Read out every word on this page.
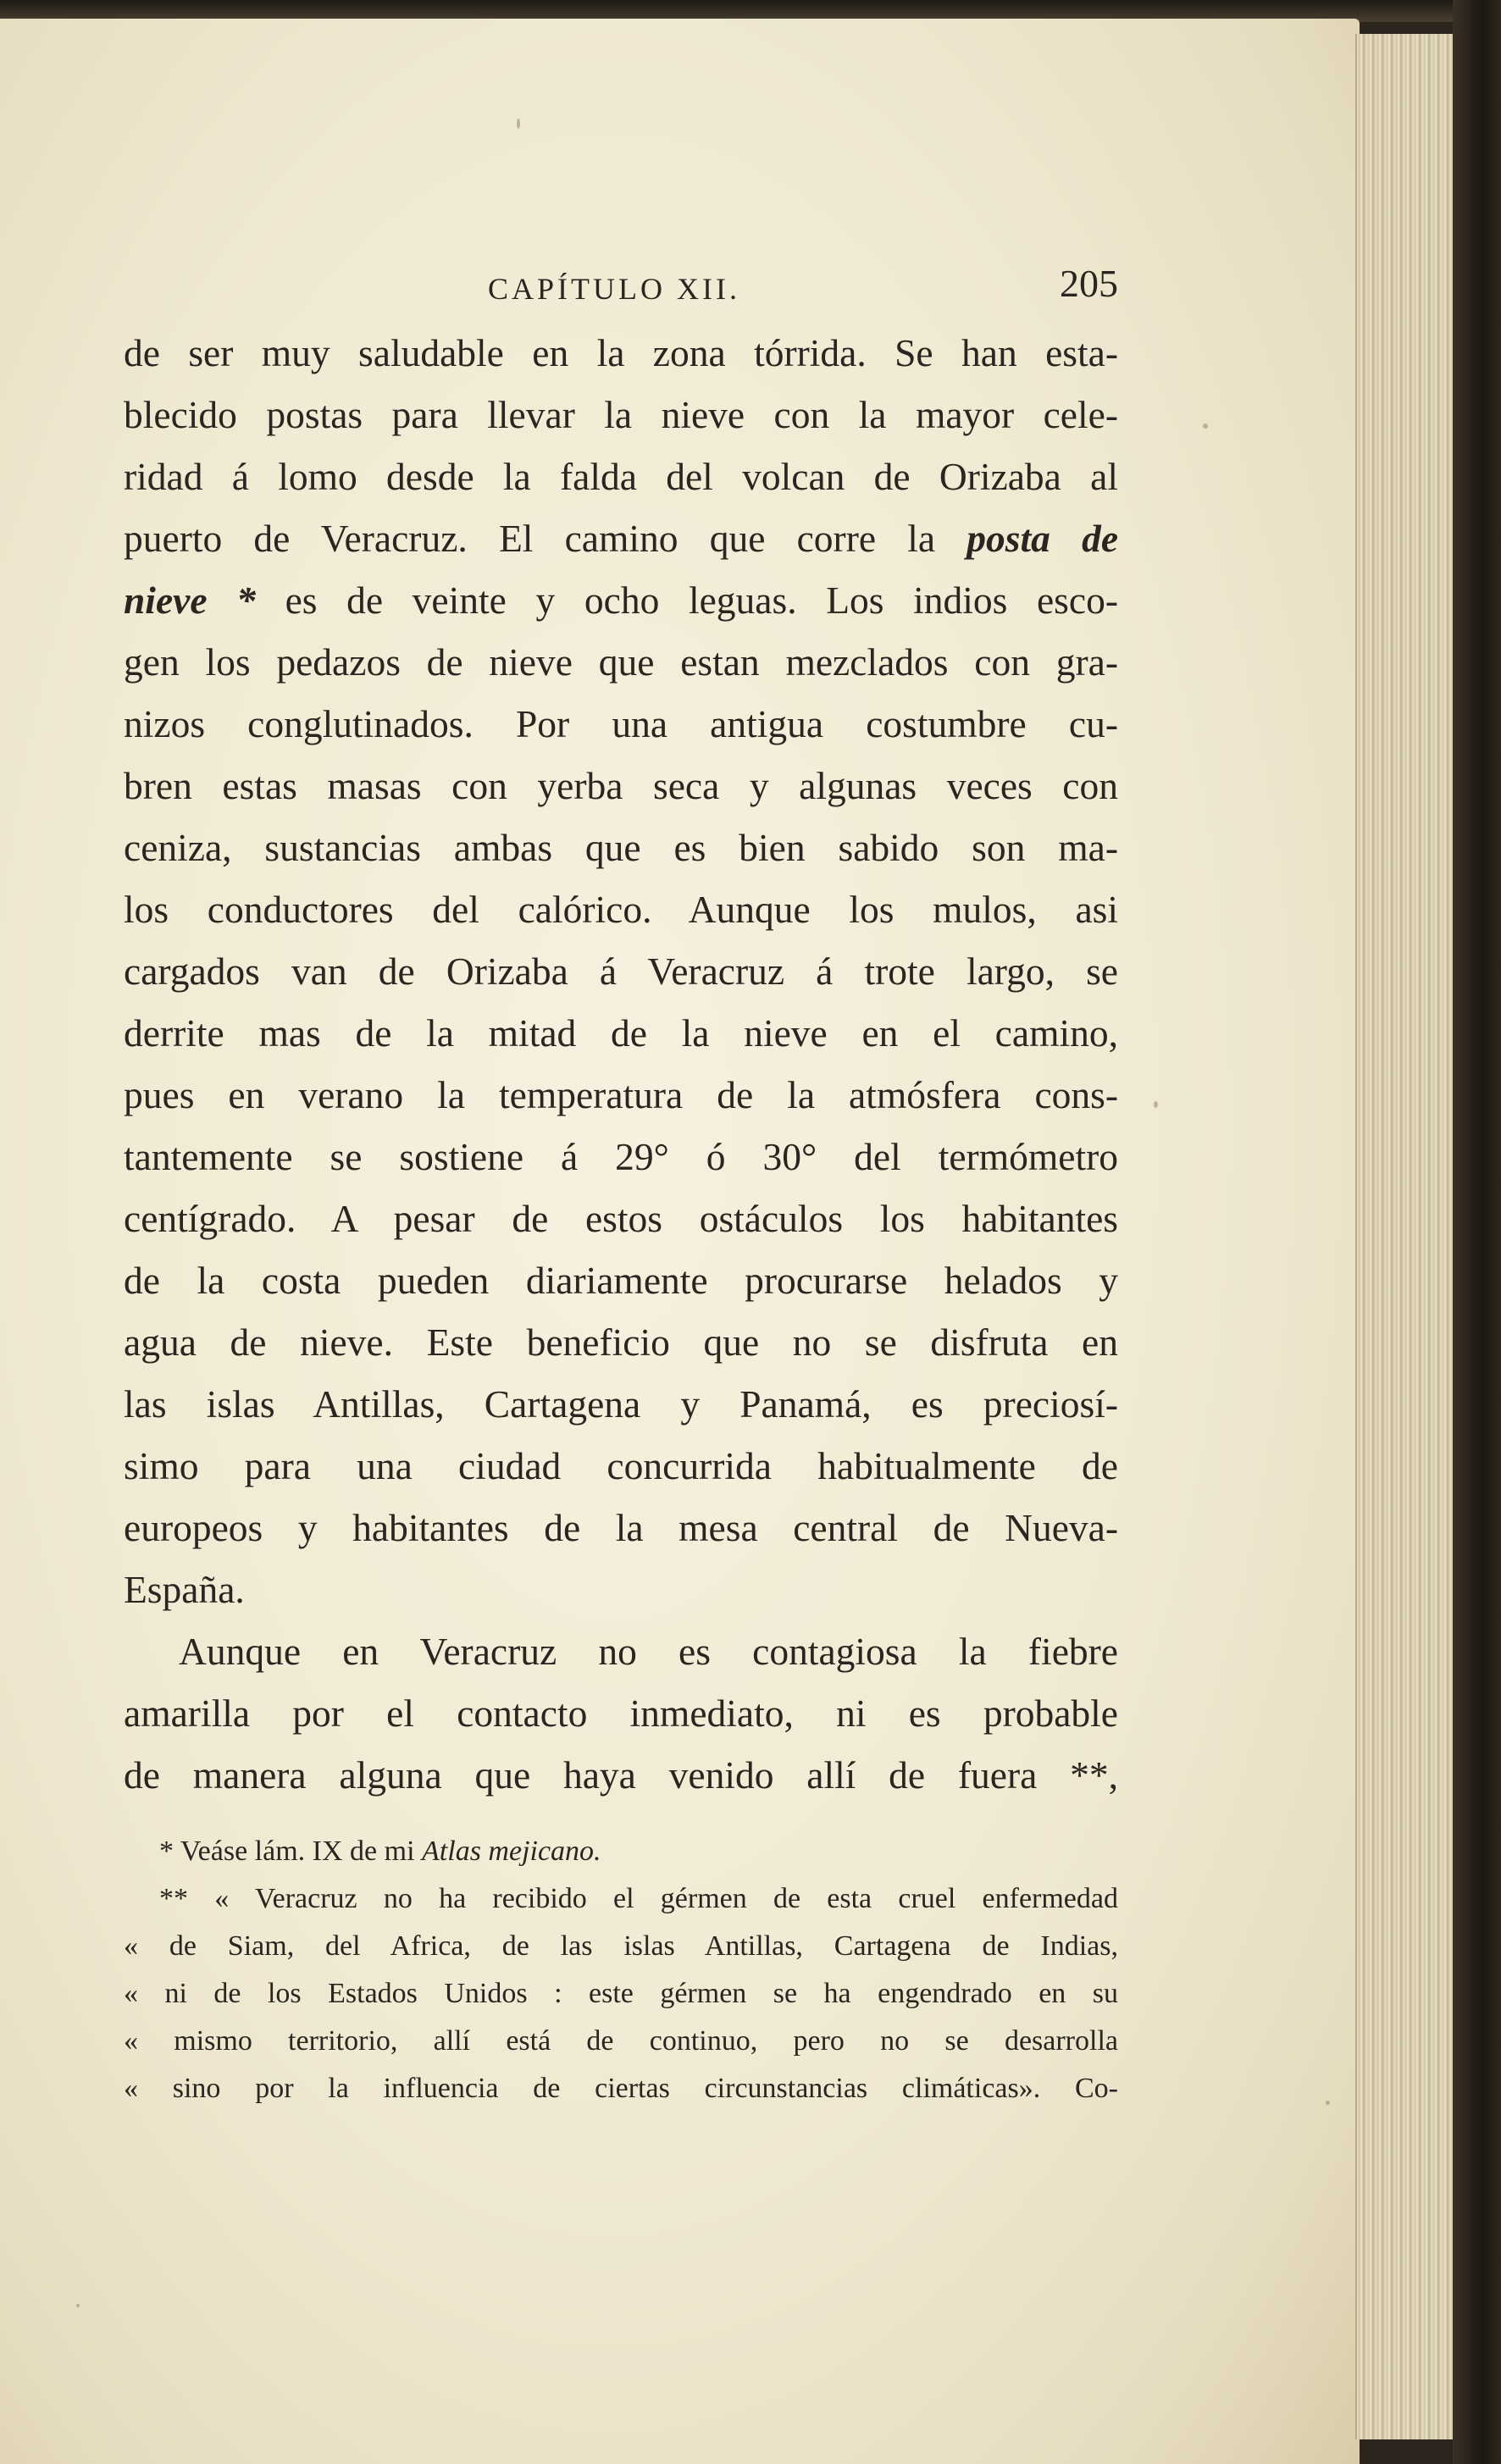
CAPÍTULO XII.	205
de ser muy saludable en la zona tórrida. Se han esta-
blecido postas para llevar la nieve con la mayor cele-
ridad á lomo desde la falda del volcan de Orizaba al
puerto de Veracruz. El camino que corre la posta de
nieve * es de veinte y ocho leguas. Los indios esco-
gen los pedazos de nieve que estan mezclados con gra-
nizos conglutinados. Por una antigua costumbre cu-
bren estas masas con yerba seca y algunas veces con
ceniza, sustancias ambas que es bien sabido son ma-
los conductores del calórico. Aunque los mulos, asi
cargados van de Orizaba á Veracruz á trote largo, se
derrite mas de la mitad de la nieve en el camino,
pues en verano la temperatura de la atmósfera cons-
tantemente se sostiene á 29° ó 30° del termómetro
centígrado. A pesar de estos ostáculos los habitantes
de la costa pueden diariamente procurarse helados y
agua de nieve. Este beneficio que no se disfruta en
las islas Antillas, Cartagena y Panamá, es preciosí-
simo para una ciudad concurrida habitualmente de
europeos y habitantes de la mesa central de Nueva-
España.
Aunque en Veracruz no es contagiosa la fiebre
amarilla por el contacto inmediato, ni es probable
de manera alguna que haya venido allí de fuera **,
* Veáse lám. IX de mi Atlas mejicano.
** « Veracruz no ha recibido el gérmen de esta cruel enfermedad
« de Siam, del Africa, de las islas Antillas, Cartagena de Indias,
« ni de los Estados Unidos : este gérmen se ha engendrado en su
« mismo territorio, allí está de continuo, pero no se desarrolla
« sino por la influencia de ciertas circunstancias climáticas». Co-
